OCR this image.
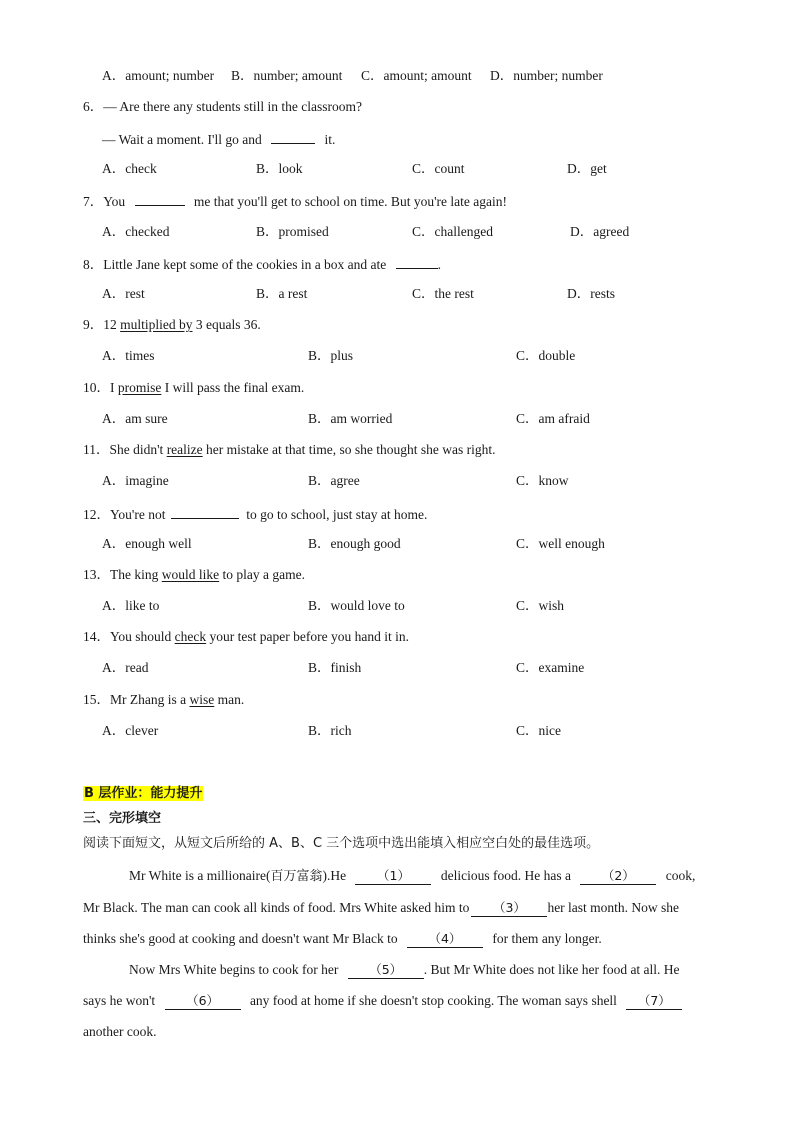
A．amount; number B．number; amount C．amount; amount D．number; number
6．— Are there any students still in the classroom?
— Wait a moment. I'll go and	it.
A．check	B．look	C．count	D．get
7．You	me that you'll get to school on time. But you're late again!
A．checked	B．promised	C．challenged	D．agreed
8．Little Jane kept some of the cookies in a box and ate	.
A．rest	B．a rest	C．the rest	D．rests
9．12 multiplied by 3 equals 36.
A．times	B．plus	C．double
10．I promise I will pass the final exam.
A．am sure	B．am worried	C．am afraid
11．She didn't realize her mistake at that time, so she thought she was right.
A．imagine	B．agree	C．know
12．You're not	to go to school, just stay at home.
A．enough well	B．enough good	C．well enough
13．The king would like to play a game.
A．like to	B．would love to	C．wish
14．You should check your test paper before you hand it in.
A．read	B．finish	C．examine
15．Mr Zhang is a wise man.
A．clever	B．rich	C．nice
B 层作业：能力提升
三、完形填空
阅读下面短文，从短文后所给的 A、B、C 三个选项中选出能填入相应空白处的最佳选项。
Mr White is a millionaire(百万富翁).He （1） delicious food. He has a （2） cook,
Mr Black. The man can cook all kinds of food. Mrs White asked him to （3） her last month. Now she
thinks she's good at cooking and doesn't want Mr Black to （4） for them any longer.
Now Mrs White begins to cook for her （5） . But Mr White does not like her food at all. He
says he won't （6） any food at home if she doesn't stop cooking. The woman says shell （7）
another cook.
